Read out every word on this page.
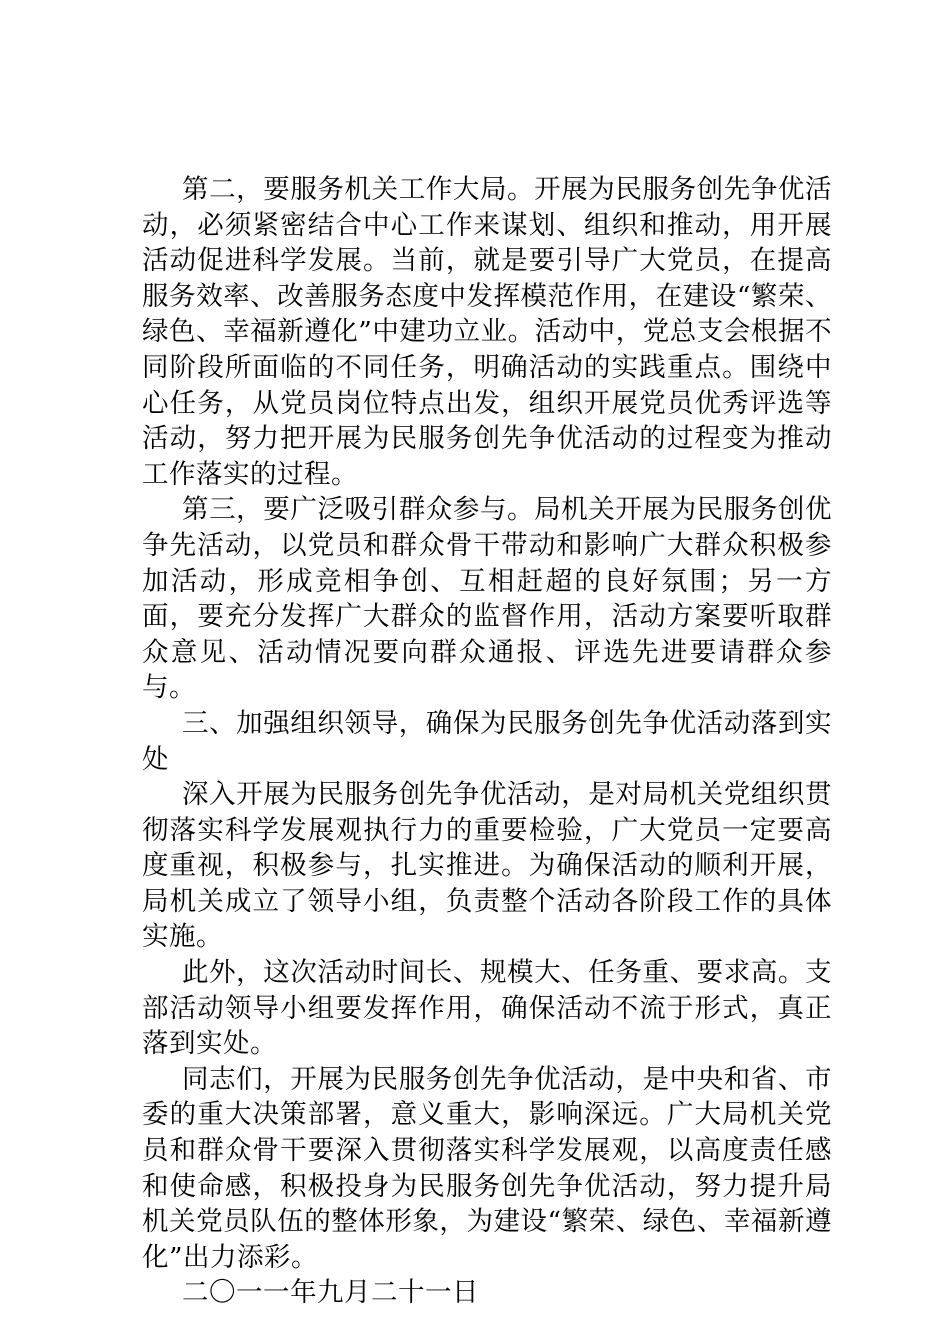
第二，要服务机关工作大局。开展为民服务创先争优活动，必须紧密结合中心工作来谋划、组织和推动，用开展活动促进科学发展。当前，就是要引导广大党员，在提高服务效率、改善服务态度中发挥模范作用，在建设“繁荣、绿色、幸福新遵化”中建功立业。活动中，党总支会根据不同阶段所面临的不同任务，明确活动的实践重点。围绕中心任务，从党员岗位特点出发，组织开展党员优秀评选等活动，努力把开展为民服务创先争优活动的过程变为推动工作落实的过程。

第三，要广泛吸引群众参与。局机关开展为民服务创优争先活动，以党员和群众骨干带动和影响广大群众积极参加活动，形成竞相争创、互相赶超的良好氛围；另一方面，要充分发挥广大群众的监督作用，活动方案要听取群众意见、活动情况要向群众通报、评选先进要请群众参与。

三、加强组织领导，确保为民服务创先争优活动落到实处

深入开展为民服务创先争优活动，是对局机关党组织贯彻落实科学发展观执行力的重要检验，广大党员一定要高度重视，积极参与，扎实推进。为确保活动的顺利开展，局机关成立了领导小组，负责整个活动各阶段工作的具体实施。

此外，这次活动时间长、规模大、任务重、要求高。支部活动领导小组要发挥作用，确保活动不流于形式，真正落到实处。

同志们，开展为民服务创先争优活动，是中央和省、市委的重大决策部署，意义重大，影响深远。广大局机关党员和群众骨干要深入贯彻落实科学发展观，以高度责任感和使命感，积极投身为民服务创先争优活动，努力提升局机关党员队伍的整体形象，为建设“繁荣、绿色、幸福新遵化”出力添彩。

二〇一一年九月二十一日
